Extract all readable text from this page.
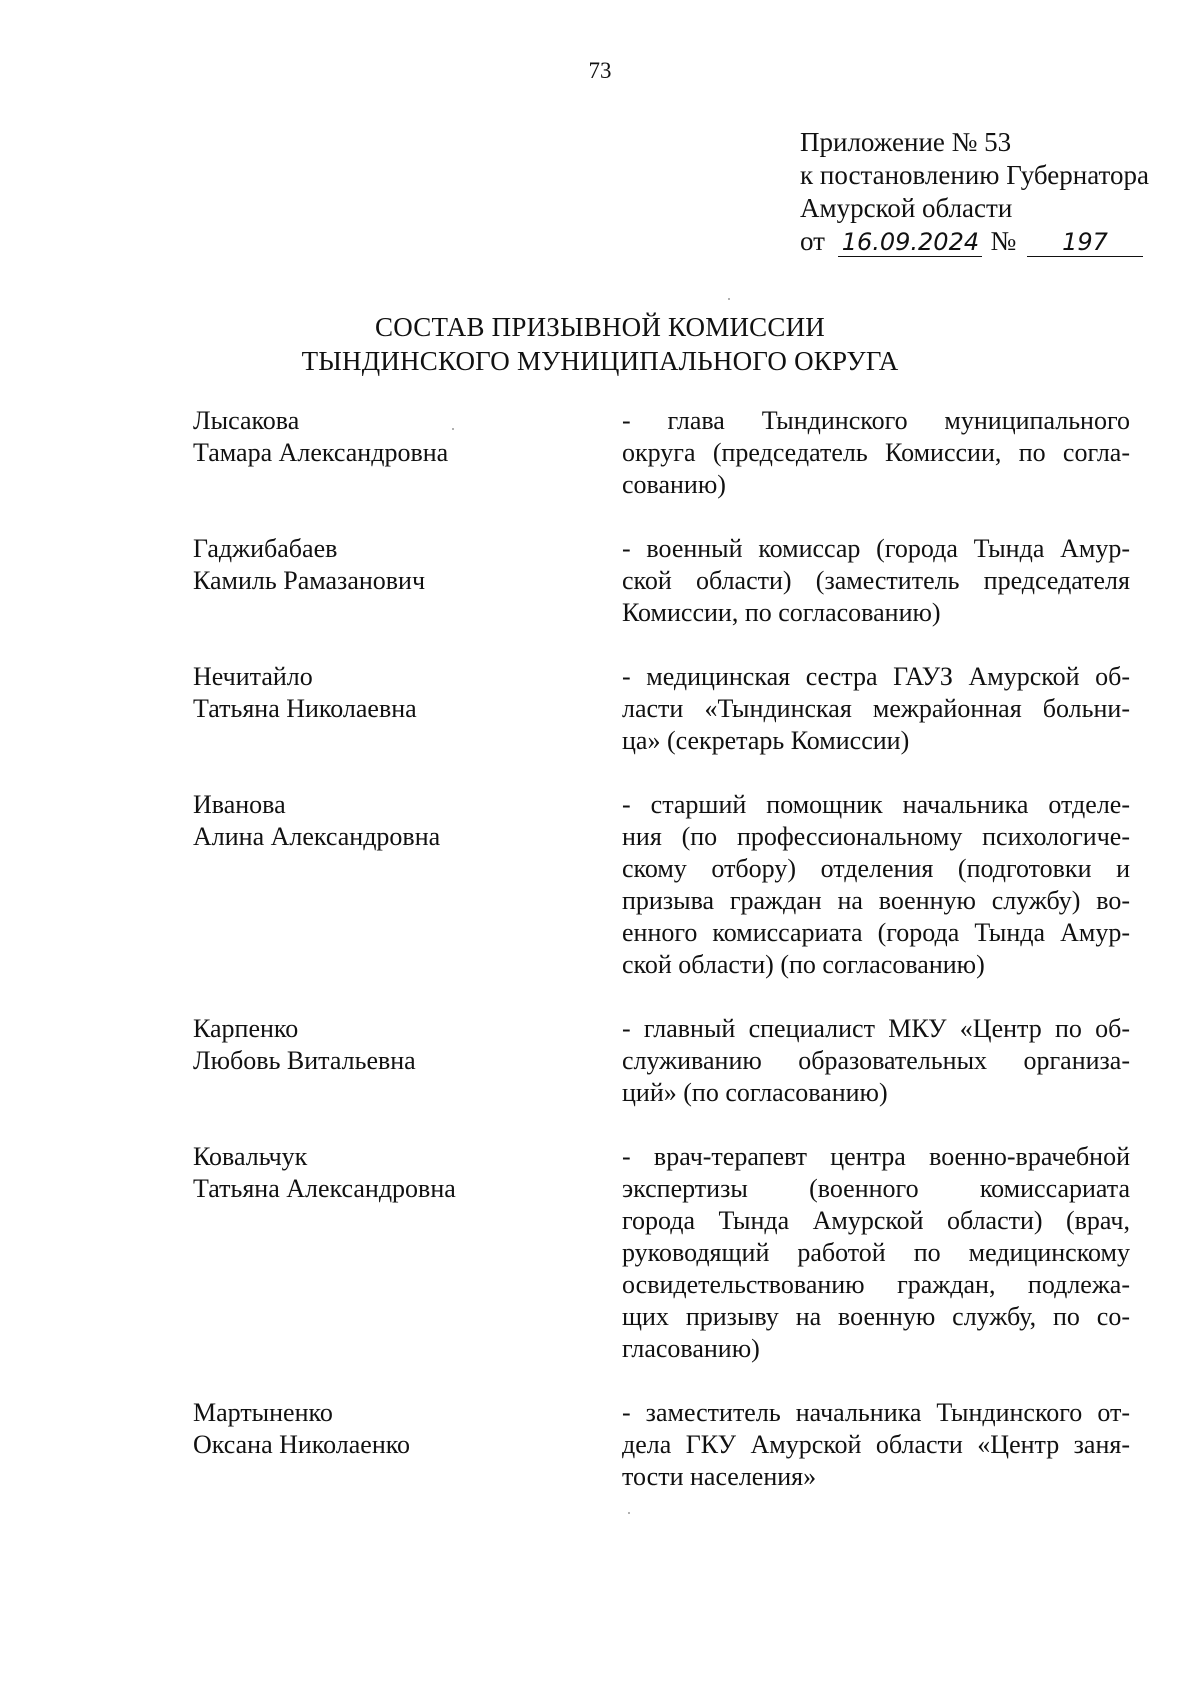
73
Приложение № 53
к постановлению Губернатора
Амурской области
от 16.09.2024 № 197
СОСТАВ ПРИЗЫВНОЙ КОМИССИИ
ТЫНДИНСКОГО МУНИЦИПАЛЬНОГО ОКРУГА
Лысакова
Тамара Александровна
- глава Тындинского муниципального
округа (председатель Комиссии, по согла-
сованию)
Гаджибабаев
Камиль Рамазанович
- военный комиссар (города Тында Амур-
ской области) (заместитель председателя
Комиссии, по согласованию)
Нечитайло
Татьяна Николаевна
- медицинская сестра ГАУЗ Амурской об-
ласти «Тындинская межрайонная больни-
ца» (секретарь Комиссии)
Иванова
Алина Александровна
- старший помощник начальника отделе-
ния (по профессиональному психологиче-
скому отбору) отделения (подготовки и
призыва граждан на военную службу) во-
енного комиссариата (города Тында Амур-
ской области) (по согласованию)
Карпенко
Любовь Витальевна
- главный специалист МКУ «Центр по об-
служиванию образовательных организа-
ций» (по согласованию)
Ковальчук
Татьяна Александровна
- врач-терапевт центра военно-врачебной
экспертизы (военного комиссариата
города Тында Амурской области) (врач,
руководящий работой по медицинскому
освидетельствованию граждан, подлежа-
щих призыву на военную службу, по со-
гласованию)
Мартыненко
Оксана Николаенко
- заместитель начальника Тындинского от-
дела ГКУ Амурской области «Центр заня-
тости населения»
